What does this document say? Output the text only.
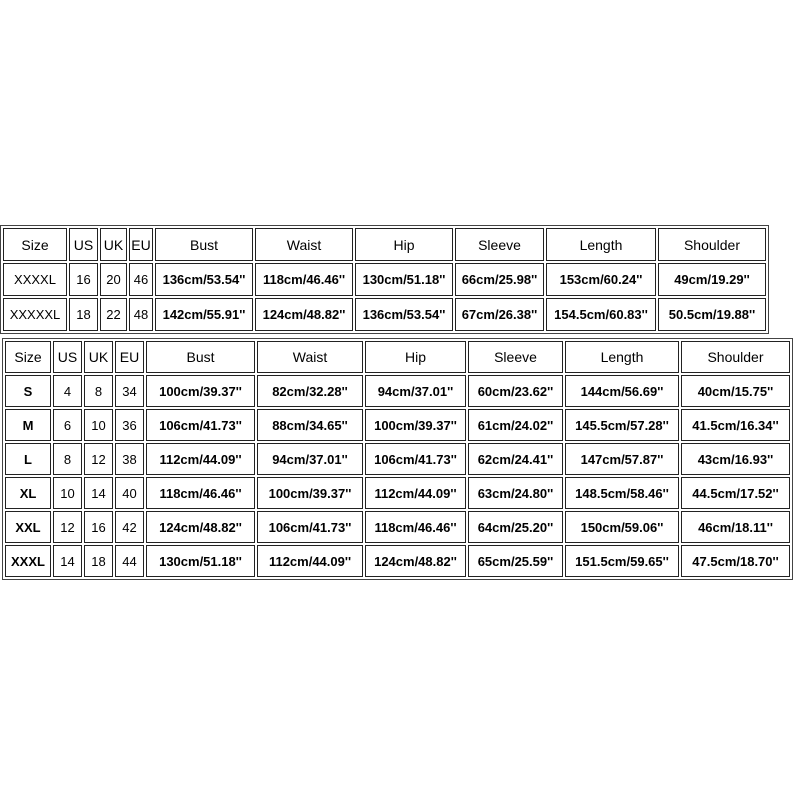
Size	US	UK	EU	Bust	Waist	Hip	Sleeve	Length	Shoulder
XXXXL	16	20	46	136cm/53.54''	118cm/46.46''	130cm/51.18''	66cm/25.98''	153cm/60.24''	49cm/19.29''
XXXXXL	18	22	48	142cm/55.91''	124cm/48.82''	136cm/53.54''	67cm/26.38''	154.5cm/60.83''	50.5cm/19.88''
Size	US	UK	EU	Bust	Waist	Hip	Sleeve	Length	Shoulder
S	4	8	34	100cm/39.37''	82cm/32.28''	94cm/37.01''	60cm/23.62''	144cm/56.69''	40cm/15.75''
M	6	10	36	106cm/41.73''	88cm/34.65''	100cm/39.37''	61cm/24.02''	145.5cm/57.28''	41.5cm/16.34''
L	8	12	38	112cm/44.09''	94cm/37.01''	106cm/41.73''	62cm/24.41''	147cm/57.87''	43cm/16.93''
XL	10	14	40	118cm/46.46''	100cm/39.37''	112cm/44.09''	63cm/24.80''	148.5cm/58.46''	44.5cm/17.52''
XXL	12	16	42	124cm/48.82''	106cm/41.73''	118cm/46.46''	64cm/25.20''	150cm/59.06''	46cm/18.11''
XXXL	14	18	44	130cm/51.18''	112cm/44.09''	124cm/48.82''	65cm/25.59''	151.5cm/59.65''	47.5cm/18.70''
